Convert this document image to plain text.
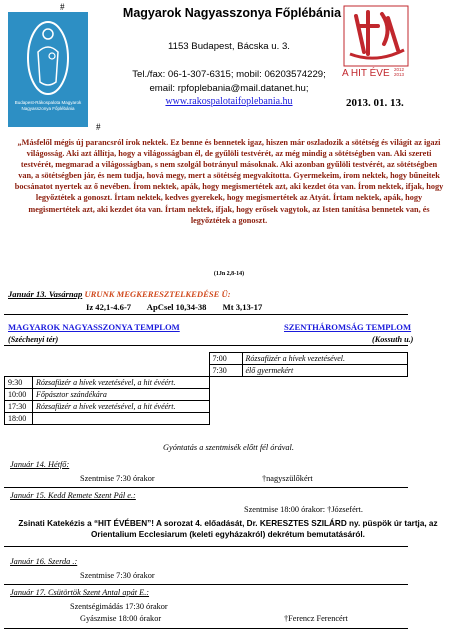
Budapest-Rákospalota Magyarok Nagyasszonya Főplébánia
#
#
Magyarok Nagyasszonya Főplébánia
1153 Budapest, Bácska u. 3.
Tel./fax: 06-1-307-6315; mobil: 06203574229;
email: rpfoplebania@mail.datanet.hu;
www.rakospalotaifoplebania.hu
A HIT ÉVE 2012 2013
2013. 01. 13.
„Másfelől mégis új parancsról írok nektek. Ez benne és bennetek igaz, hiszen már oszladozik a sötétség és világít az igazi világosság. Aki azt állítja, hogy a világosságban él, de gyűlöli testvérét, az még mindig a sötétségben van. Aki szereti testvérét, megmarad a világosságban, s nem szolgál botrányul másoknak. Aki azonban gyűlöli testvérét, az sötétségben van, a sötétségben jár, és nem tudja, hová megy, mert a sötétség megvakította. Gyermekeim, írom nektek, hogy bűneitek bocsánatot nyertek az ő nevében. Írom nektek, apák, hogy megismertétek azt, aki kezdet óta van. Írom nektek, ifjak, hogy legyőztétek a gonoszt. Írtam nektek, kedves gyerekek, hogy megismertétek az Atyát. Írtam nektek, apák, hogy megismertétek azt, aki kezdet óta van. Írtam nektek, ifjak, hogy erősek vagytok, az Isten tanítása bennetek van, és legyőztétek a gonoszt.
(1Jn 2,8-14)
Január 13. Vasárnap URUNK MEGKERESZTELKEDÉSE Ü:
Iz 42,1-4.6-7 ApCsel 10,34-38 Mt 3,13-17
MAGYAROK NAGYASSZONYA TEMPLOM
(Széchenyi tér)
SZENTHÁROMSÁG TEMPLOM
(Kossuth u.)
		7:00	Rózsafüzér a hívek vezetésével.
		7:30	élő gyermekért
9:30	Rózsafüzér a hívek vezetésével, a hit évéért.		
10:00	Főpásztor szándékára		
17:30	Rózsafüzér a hívek vezetésével, a hit évéért.		
18:00			
Gyóntatás a szentmisék előtt fél órával.
Január 14. Hétfő:
Szentmise 7:30 órakor	†nagyszülőkért
Január 15. Kedd Remete Szent Pál e.:
Szentmise 18:00 órakor: †Józsefért.
Zsinati Katekézis a “HIT ÉVÉBEN”! A sorozat 4. előadását, Dr. KERESZTES SZILÁRD ny. püspök úr tartja, az Orientalium Ecclesiarum (keleti egyházakról) dekrétum bemutatásáról.
Január 16. Szerda .:
Szentmise 7:30 órakor
Január 17. Csütörtök Szent Antal apát E.:
Szentségimádás 17:30 órakor
Gyászmise 18:00 órakor	†Ferencz Ferencért
